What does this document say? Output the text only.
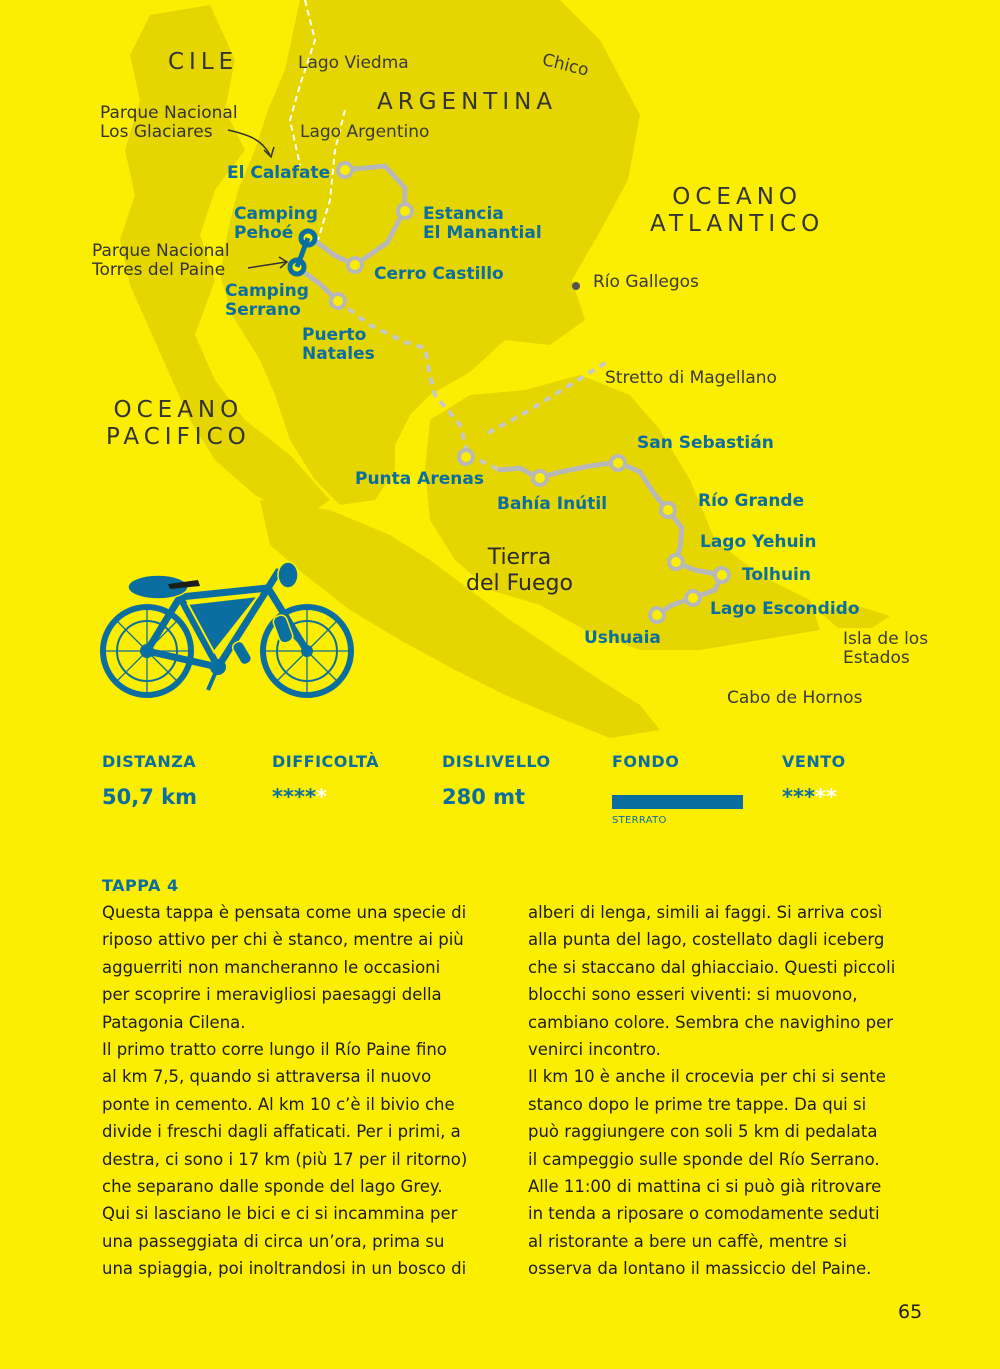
CILE
ARGENTINA
OCEANO
ATLANTICO
OCEANO
PACIFICO
Lago Viedma	Chico
Lago Argentino
Río Gallegos
Stretto di Magellano
Isla de los
Estados
Cabo de Hornos
Parque Nacional
Los Glaciares
Parque Nacional
Torres del Paine
Tierra
del Fuego
El Calafate
Estancia
El Manantial
Camping
Pehoé
Cerro Castillo
Camping
Serrano
Puerto
Natales
Punta Arenas
Bahía Inútil
San Sebastián
Río Grande
Lago Yehuin
Tolhuin
Lago Escondido
Ushuaia
DISTANZA
50,7 km
DIFFICOLTÀ
*****
DISLIVELLO
280 mt
FONDO
STERRATO
VENTO
*****
TAPPA 4

Questa tappa è pensata come una specie di

riposo attivo per chi è stanco, mentre ai più

agguerriti non mancheranno le occasioni

per scoprire i meravigliosi paesaggi della

Patagonia Cilena.

Il primo tratto corre lungo il Río Paine fino

al km 7,5, quando si attraversa il nuovo

ponte in cemento. Al km 10 c’è il bivio che

divide i freschi dagli affaticati. Per i primi, a

destra, ci sono i 17 km (più 17 per il ritorno)

che separano dalle sponde del lago Grey.

Qui si lasciano le bici e ci si incammina per

una passeggiata di circa un’ora, prima su

una spiaggia, poi inoltrandosi in un bosco di

alberi di lenga, simili ai faggi. Si arriva così

alla punta del lago, costellato dagli iceberg

che si staccano dal ghiacciaio. Questi piccoli

blocchi sono esseri viventi: si muovono,

cambiano colore. Sembra che navighino per

venirci incontro.

Il km 10 è anche il crocevia per chi si sente

stanco dopo le prime tre tappe. Da qui si

può raggiungere con soli 5 km di pedalata

il campeggio sulle sponde del Río Serrano.

Alle 11:00 di mattina ci si può già ritrovare

in tenda a riposare o comodamente seduti

al ristorante a bere un caffè, mentre si

osserva da lontano il massiccio del Paine.

65
